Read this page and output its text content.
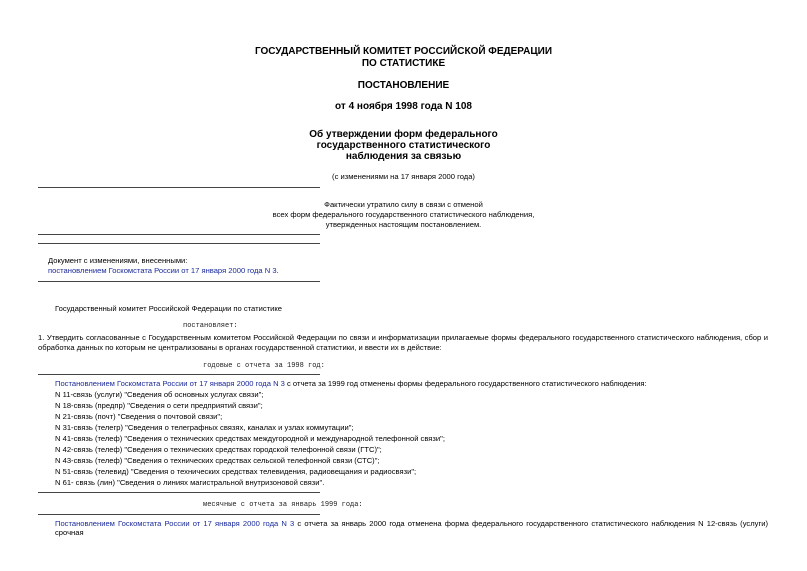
ГОСУДАРСТВЕННЫЙ КОМИТЕТ РОССИЙСКОЙ ФЕДЕРАЦИИ
ПО СТАТИСТИКЕ
ПОСТАНОВЛЕНИЕ
от 4 ноября 1998 года N 108
Об утверждении форм федерального
государственного статистического
наблюдения за связью
(с изменениями на 17 января 2000 года)
Фактически утратило силу в связи с отменой
всех форм федерального государственного статистического наблюдения,
утвержденных настоящим постановлением.
Документ с изменениями, внесенными:
постановлением Госкомстата России от 17 января 2000 года N 3.
Государственный комитет Российской Федерации по статистике
постановляет:
1. Утвердить согласованные с Государственным комитетом Российской Федерации по связи и информатизации прилагаемые формы федерального государственного статистического наблюдения, сбор и
обработка данных по которым не централизованы в органах государственной статистики, и ввести их в действие:
годовые с отчета за 1998 год:
Постановлением Госкомстата России от 17 января 2000 года N 3 с отчета за 1999 год отменены формы федерального государственного статистического наблюдения:
N 11-связь (услуги) "Сведения об основных услугах связи";
N 18-связь (предпр) "Сведения о сети предприятий связи";
N 21-связь (почт) "Сведения о почтовой связи";
N 31-связь (телегр) "Сведения о телеграфных связях, каналах и узлах коммутации";
N 41-связь (телеф) "Сведения о технических средствах междугородной и международной телефонной связи";
N 42-связь (телеф) "Сведения о технических средствах городской телефонной связи (ГТС)";
N 43-связь (телеф) "Сведения о технических средствах сельской телефонной связи (СТС)";
N 51-связь (телевид) "Сведения о технических средствах телевидения, радиовещания и радиосвязи";
N 61- связь (лин) "Сведения о линиях магистральной внутризоновой связи".
месячные с отчета за январь 1999 года:
Постановлением Госкомстата России от 17 января 2000 года N 3 с отчета за январь 2000 года отменена форма федерального государственного статистического наблюдения N 12-связь (услуги) срочная
